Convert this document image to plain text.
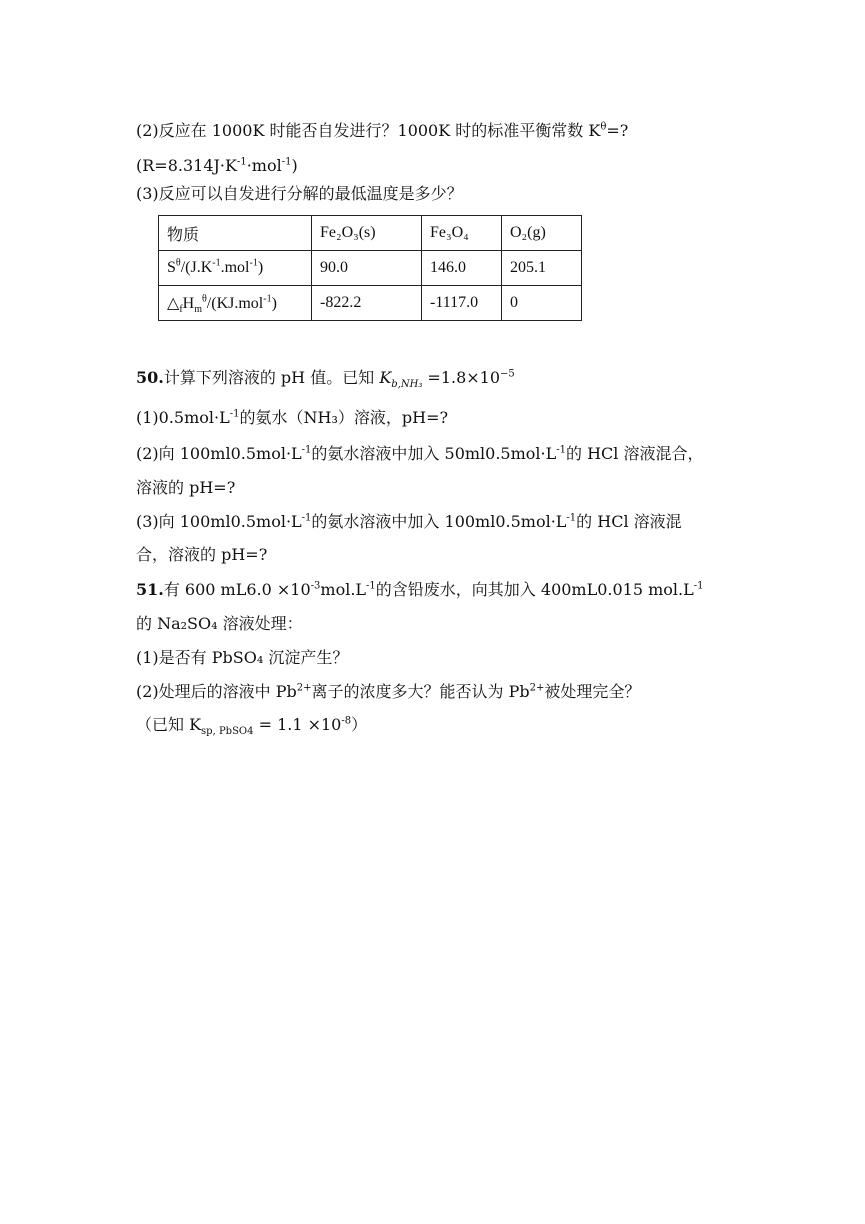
(2)反应在 1000K 时能否自发进行？1000K 时的标准平衡常数 $K^\theta=$?
$(R=8.314J\cdot K^{-1}\cdot mol^{-1})$
(3)反应可以自发进行分解的最低温度是多少？
物质	Fe₂O₃(s)	Fe₃O₄	O₂(g)
$S^\theta/(J.K^{-1}.mol^{-1})$	90.0	146.0	205.1
$\triangle_fH_m^\theta/(KJ.mol^{-1})$	-822.2	-1117.0	0
50.计算下列溶液的 pH 值。已知 $K_{b,NH_3} =1.8\times 10^{-5}$
$(1)0.5mol\cdot L^{-1}$的氨水（NH₃）溶液，pH=?
(2)向 $100ml0.5mol\cdot L^{-1}$的氨水溶液中加入 $50ml0.5mol\cdot L^{-1}$的 HCl 溶液混合，
溶液的 pH=?
(3)向 $100ml0.5mol\cdot L^{-1}$的氨水溶液中加入 $100ml0.5mol\cdot L^{-1}$的 HCl 溶液混
合，溶液的 pH=?
51.有 600 $mL6.0 \times 10^{-3}mol.L^{-1}$的含铅废水，向其加入 400mL0.015 $mol.L^{-1}$
的 Na₂SO₄ 溶液处理：
(1)是否有 PbSO₄ 沉淀产生？
(2)处理后的溶液中 $Pb^{2+}$离子的浓度多大？能否认为 $Pb^{2+}$被处理完全？
（已知 $K_{sp, PbSO4} = 1.1 \times 10^{-8}$）
